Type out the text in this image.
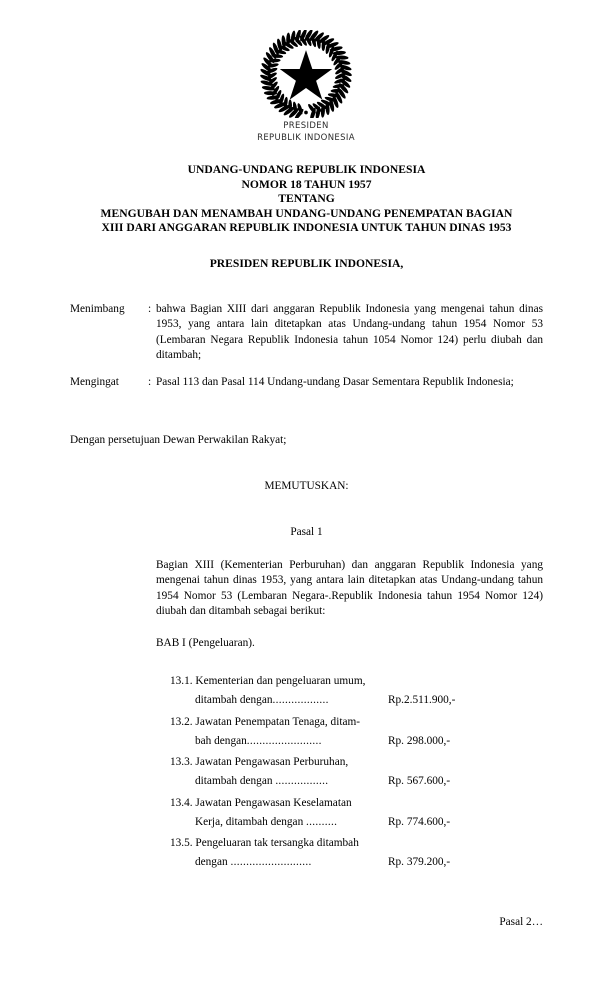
PRESIDEN
REPUBLIK INDONESIA
UNDANG-UNDANG REPUBLIK INDONESIA
NOMOR 18 TAHUN 1957
TENTANG
MENGUBAH DAN MENAMBAH UNDANG-UNDANG PENEMPATAN BAGIAN
XIII DARI ANGGARAN REPUBLIK INDONESIA UNTUK TAHUN DINAS 1953
PRESIDEN REPUBLIK INDONESIA,
Menimbang	: bahwa Bagian XIII dari anggaran Republik Indonesia yang mengenai tahun dinas 1953, yang antara lain ditetapkan atas Undang-undang tahun 1954 Nomor 53 (Lembaran Negara Republik Indonesia tahun 1054 Nomor 124) perlu diubah dan ditambah;
Mengingat	: Pasal 113 dan Pasal 114 Undang-undang Dasar Sementara Republik Indonesia;
Dengan persetujuan Dewan Perwakilan Rakyat;
MEMUTUSKAN:
Pasal 1
Bagian XIII (Kementerian Perburuhan) dan anggaran Republik Indonesia yang mengenai tahun dinas 1953, yang antara lain ditetapkan atas Undang-undang tahun 1954 Nomor 53 (Lembaran Negara-.Republik Indonesia tahun 1954 Nomor 124) diubah dan ditambah sebagai berikut:
BAB I (Pengeluaran).
13.1. Kementerian dan pengeluaran umum,
ditambah dengan..................	Rp.2.511.900,-
13.2. Jawatan Penempatan Tenaga, ditam-
bah dengan........................	Rp. 298.000,-
13.3. Jawatan Pengawasan Perburuhan,
ditambah dengan .................	Rp. 567.600,-
13.4. Jawatan Pengawasan Keselamatan
Kerja, ditambah dengan ..........	Rp. 774.600,-
13.5. Pengeluaran tak tersangka ditambah
dengan ..........................	Rp. 379.200,-
Pasal 2…
